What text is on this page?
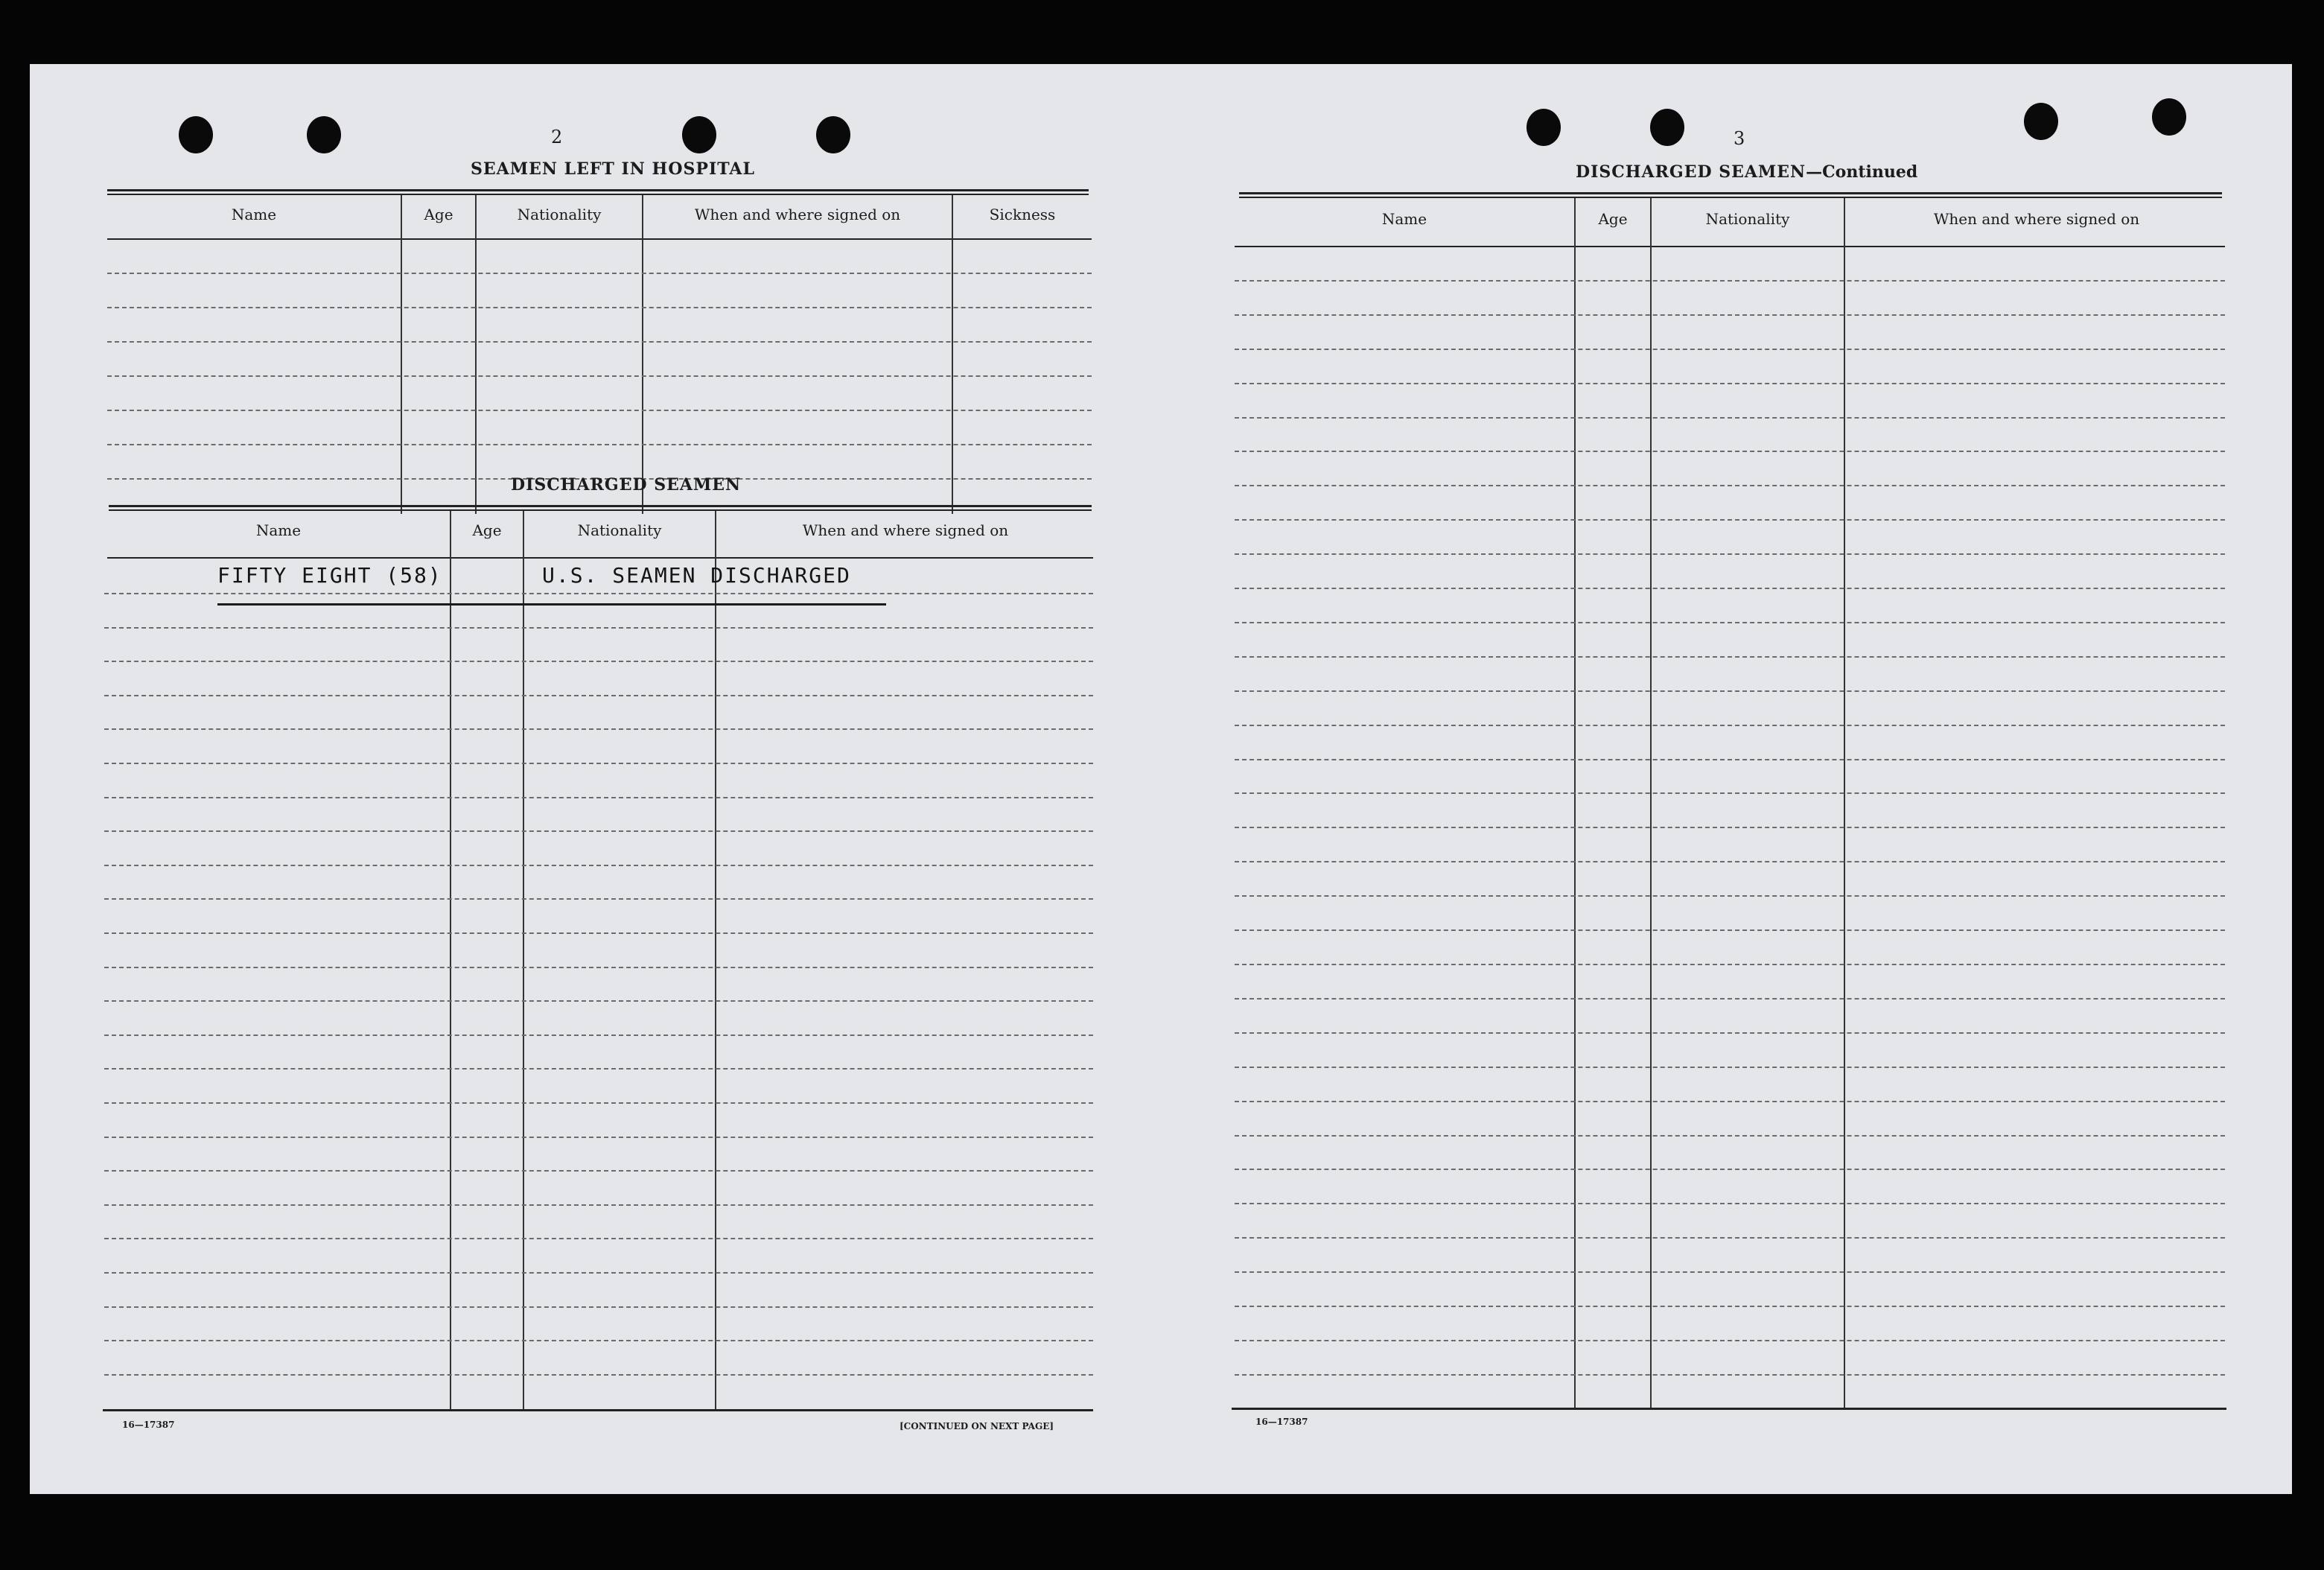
2
SEAMEN LEFT IN HOSPITAL
Name	Age	Nationality	When and where signed on	Sickness
DISCHARGED SEAMEN
Name	Age	Nationality	When and where signed on
FIFTY EIGHT (58)	U.S. SEAMEN DISCHARGED
16—17387	[CONTINUED ON NEXT PAGE]
3
DISCHARGED SEAMEN—Continued
Name	Age	Nationality	When and where signed on
16—17387
